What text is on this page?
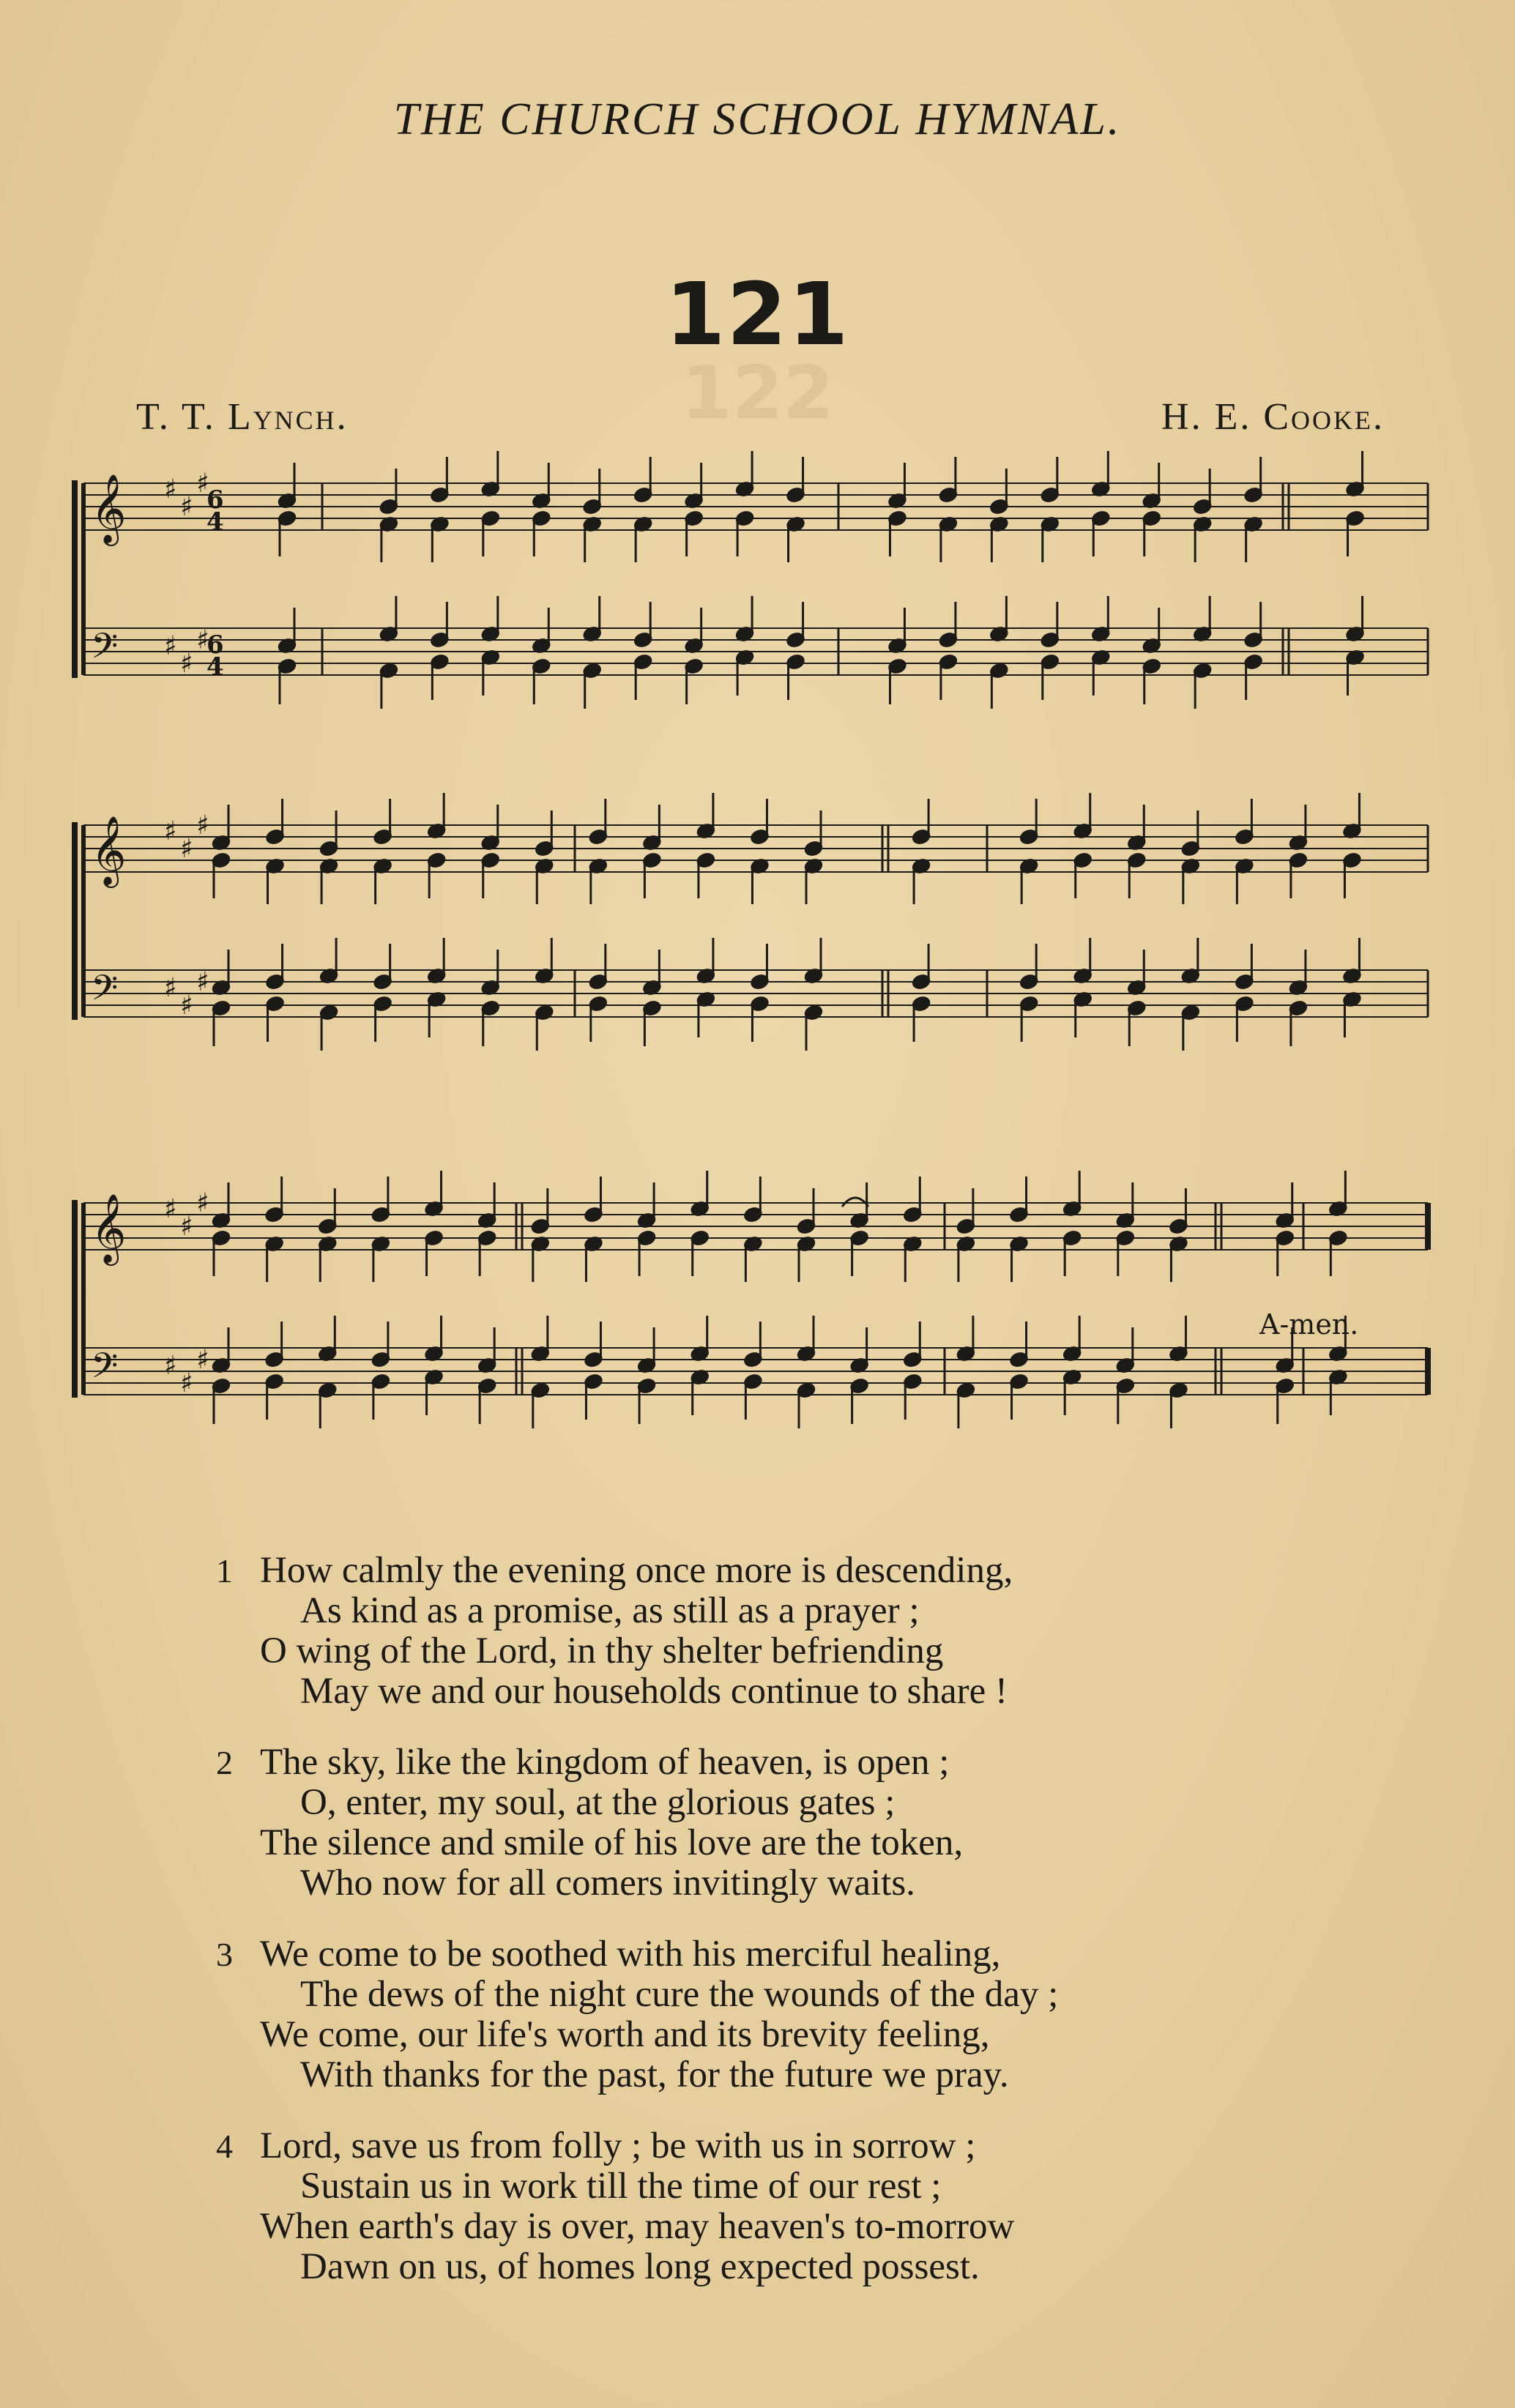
THE CHURCH SCHOOL HYMNAL.
122
121
T. T. Lynch.	H. E. Cooke.
𝄞
𝄢
♯
♯
♯
♯
♯
♯
𝄞
𝄢
♯
♯
♯
♯
♯
♯
𝄞
𝄢
♯
♯
♯
♯
♯
♯
6
4
6
4
A-men.
1 How calmly the evening once more is descending,
As kind as a promise, as still as a prayer ;
O wing of the Lord, in thy shelter befriending
May we and our households continue to share !
2 The sky, like the kingdom of heaven, is open ;
O, enter, my soul, at the glorious gates ;
The silence and smile of his love are the token,
Who now for all comers invitingly waits.
3 We come to be soothed with his merciful healing,
The dews of the night cure the wounds of the day ;
We come, our life's worth and its brevity feeling,
With thanks for the past, for the future we pray.
4 Lord, save us from folly ; be with us in sorrow ;
Sustain us in work till the time of our rest ;
When earth's day is over, may heaven's to-morrow
Dawn on us, of homes long expected possest.
